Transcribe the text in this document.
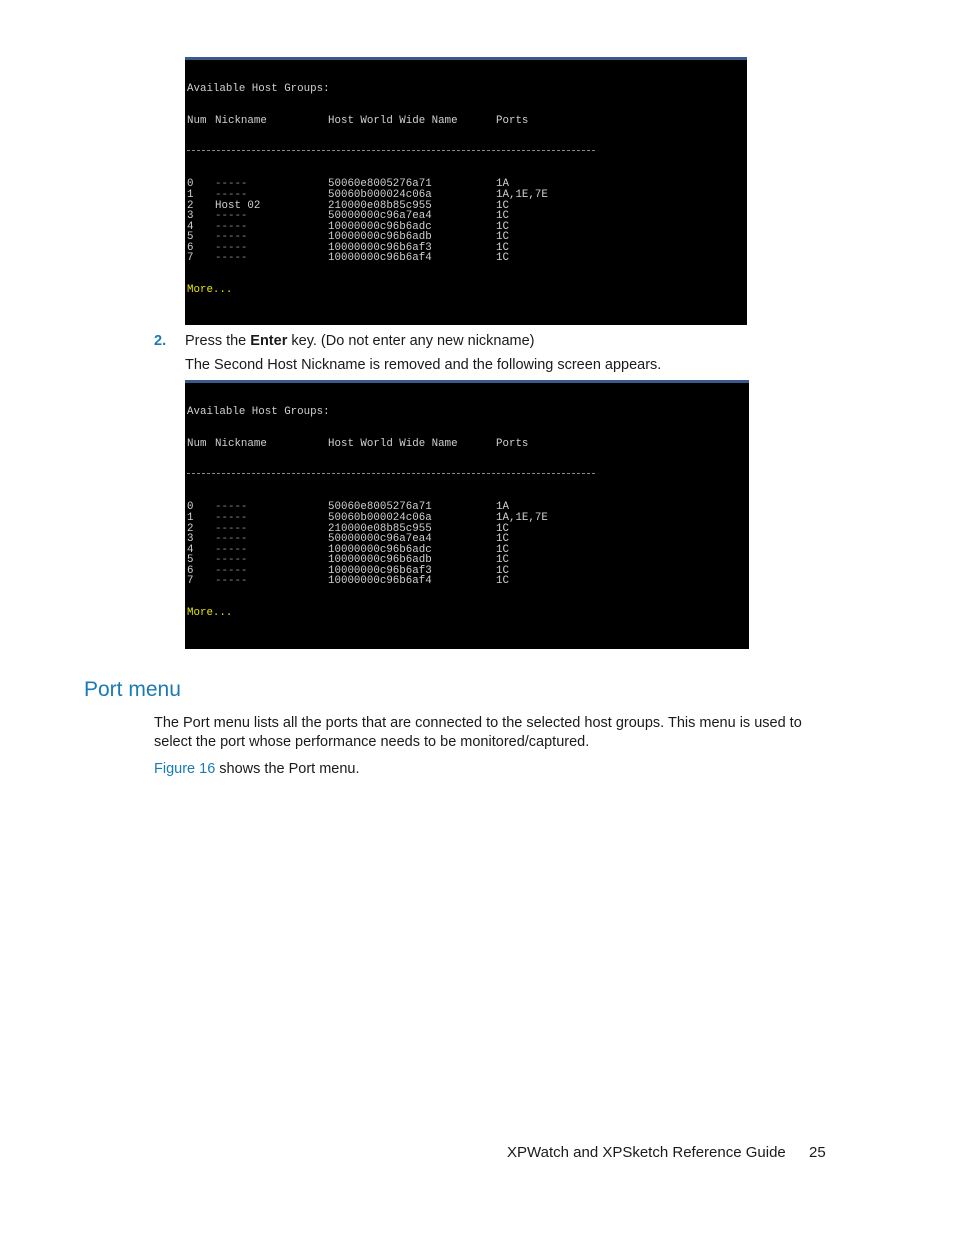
Available Host Groups:

Num Nickname	Host World Wide Name	Ports

0	-----	50060e8005276a71	1A
1	-----	50060b000024c06a	1A,1E,7E
2	Host 02	210000e08b85c955	1C
3	-----	50000000c96a7ea4	1C
4	-----	10000000c96b6adc	1C
5	-----	10000000c96b6adb	1C
6	-----	10000000c96b6af3	1C
7	-----	10000000c96b6af4	1C

More...

2. Press the Enter key. (Do not enter any new nickname)
The Second Host Nickname is removed and the following screen appears.

Available Host Groups:

Num Nickname	Host World Wide Name	Ports

0	-----	50060e8005276a71	1A
1	-----	50060b000024c06a	1A,1E,7E
2	-----	210000e08b85c955	1C
3	-----	50000000c96a7ea4	1C
4	-----	10000000c96b6adc	1C
5	-----	10000000c96b6adb	1C
6	-----	10000000c96b6af3	1C
7	-----	10000000c96b6af4	1C

More...

Port menu
The Port menu lists all the ports that are connected to the selected host groups. This menu is used to select the port whose performance needs to be monitored/captured.
Figure 16 shows the Port menu.
XPWatch and XPSketch Reference Guide 25
